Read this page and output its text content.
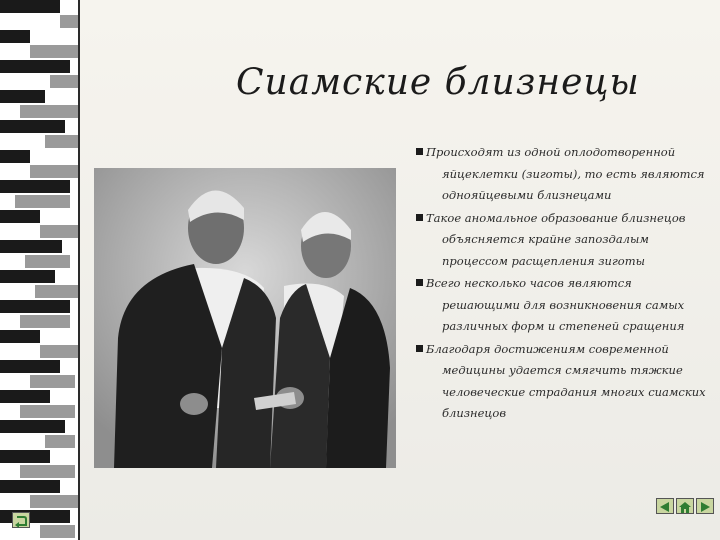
Сиамские близнецы
Происходят из одной оплодотворенной яйцеклетки (зиготы), то есть являются однояйцевыми близнецами
Такое аномальное образование близнецов объясняется крайне запоздалым процессом расщепления зиготы
Всего несколько часов являются решающими для возникновения самых различных форм и степеней сращения
Благодаря достижениям современной медицины удается смягчить тяжкие человеческие страдания многих сиамских близнецов
